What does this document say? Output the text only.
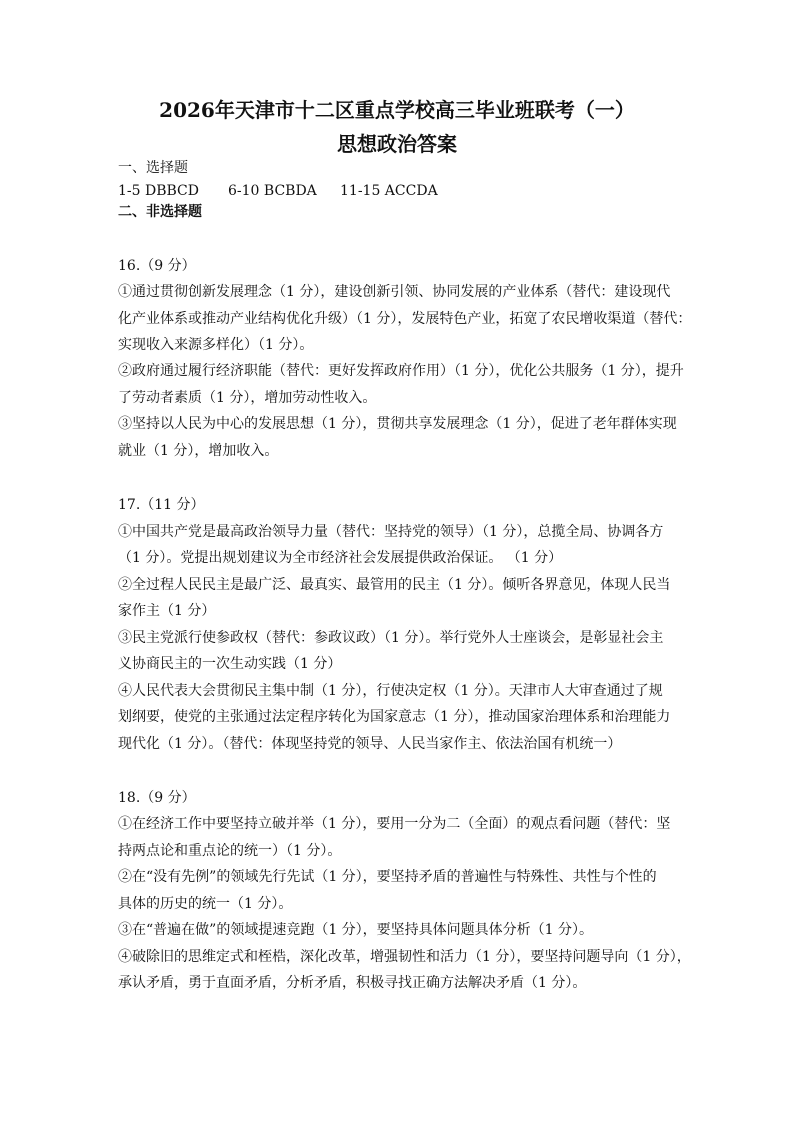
2026年天津市十二区重点学校高三毕业班联考（一）
思想政治答案
一、选择题
1-5 DBBCD 6-10 BCBDA 11-15 ACCDA
二、非选择题
16.（9 分）
①通过贯彻创新发展理念（1 分），建设创新引领、协同发展的产业体系（替代：建设现代
化产业体系或推动产业结构优化升级）（1 分），发展特色产业，拓宽了农民增收渠道（替代：
实现收入来源多样化）（1 分）。
②政府通过履行经济职能（替代：更好发挥政府作用）（1 分），优化公共服务（1 分），提升
了劳动者素质（1 分），增加劳动性收入。
③坚持以人民为中心的发展思想（1 分），贯彻共享发展理念（1 分），促进了老年群体实现
就业（1 分），增加收入。
17.（11 分）
①中国共产党是最高政治领导力量（替代：坚持党的领导）（1 分），总揽全局、协调各方
（1 分）。党提出规划建议为全市经济社会发展提供政治保证。 （1 分）
②全过程人民民主是最广泛、最真实、最管用的民主（1 分）。倾听各界意见，体现人民当
家作主（1 分）
③民主党派行使参政权（替代：参政议政）（1 分）。举行党外人士座谈会，是彰显社会主
义协商民主的一次生动实践（1 分）
④人民代表大会贯彻民主集中制（1 分），行使决定权（1 分）。天津市人大审查通过了规
划纲要，使党的主张通过法定程序转化为国家意志（1 分），推动国家治理体系和治理能力
现代化（1 分）。（替代：体现坚持党的领导、人民当家作主、依法治国有机统一）
18.（9 分）
①在经济工作中要坚持立破并举（1 分），要用一分为二（全面）的观点看问题（替代：坚
持两点论和重点论的统一）（1 分）。
②在“没有先例”的领域先行先试（1 分），要坚持矛盾的普遍性与特殊性、共性与个性的
具体的历史的统一（1 分）。
③在“普遍在做”的领域提速竞跑（1 分），要坚持具体问题具体分析（1 分）。
④破除旧的思维定式和桎梏，深化改革，增强韧性和活力（1 分），要坚持问题导向（1 分），
承认矛盾，勇于直面矛盾，分析矛盾，积极寻找正确方法解决矛盾（1 分）。
